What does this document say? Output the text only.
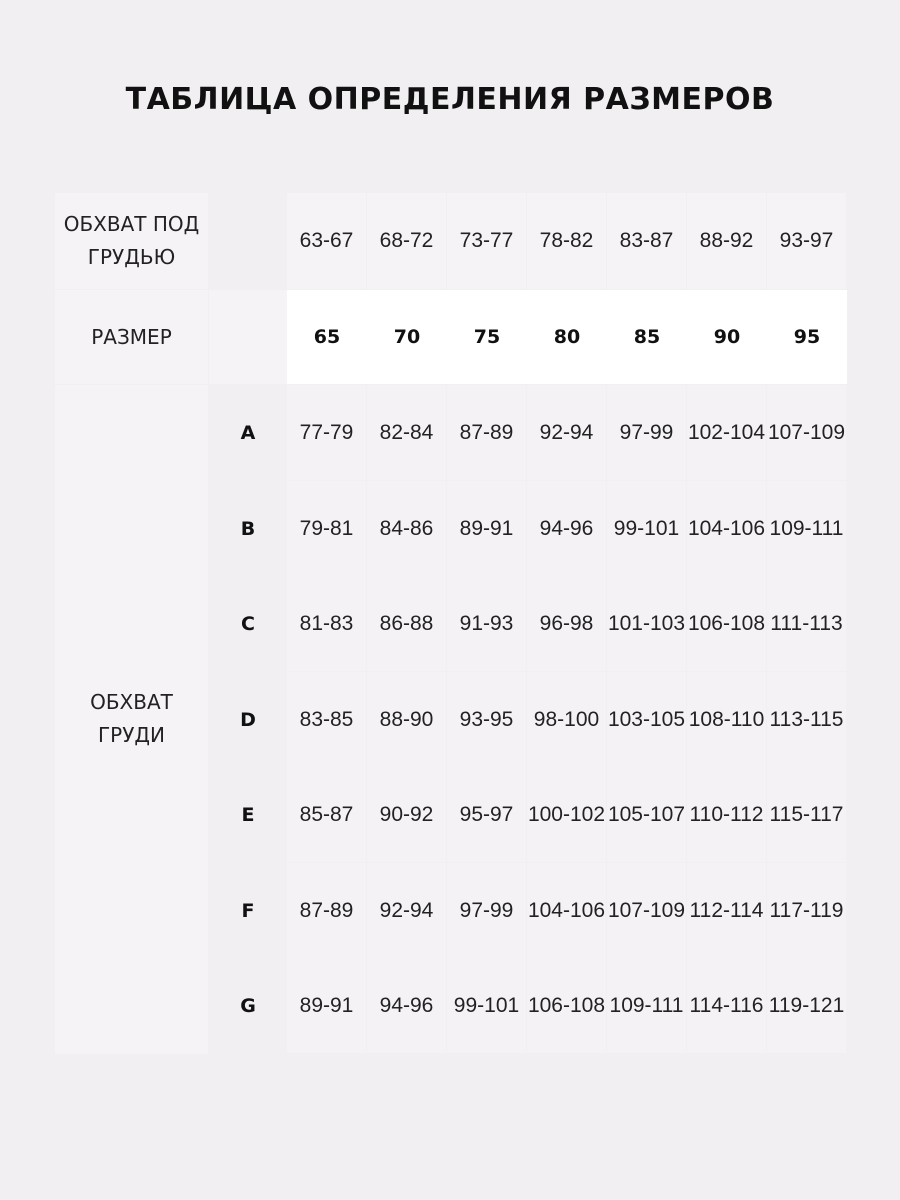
ТАБЛИЦА ОПРЕДЕЛЕНИЯ РАЗМЕРОВ
ОБХВАТ ПОД
ГРУДЬЮ
63-67 68-72 73-77 78-82 83-87 88-92 93-97
РАЗМЕР	65	70	75	80	85	90	95
ОБХВАТ
ГРУДИ
A 77-79 82-84 87-89 92-94 97-99 102-104 107-109
B 79-81 84-86 89-91 94-96 99-101 104-106 109-111
C 81-83 86-88 91-93 96-98 101-103 106-108 111-113
D 83-85 88-90 93-95 98-100 103-105 108-110 113-115
E 85-87 90-92 95-97 100-102 105-107 110-112 115-117
F 87-89 92-94 97-99 104-106 107-109 112-114 117-119
G 89-91 94-96 99-101 106-108 109-111 114-116 119-121
